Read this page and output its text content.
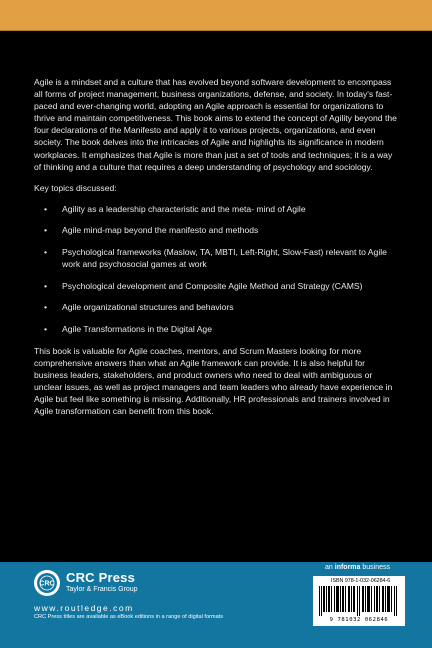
Agile is a mindset and a culture that has evolved beyond software development to encompass all forms of project management, business organizations, defense, and society. In today's fast-paced and ever-changing world, adopting an Agile approach is essential for organizations to thrive and maintain competitiveness. This book aims to extend the concept of Agility beyond the four declarations of the Manifesto and apply it to various projects, organizations, and even society. The book delves into the intricacies of Agile and highlights its significance in modern workplaces. It emphasizes that Agile is more than just a set of tools and techniques; it is a way of thinking and a culture that requires a deep understanding of psychology and sociology.

Key topics discussed:

• Agility as a leadership characteristic and the meta- mind of Agile
• Agile mind-map beyond the manifesto and methods
• Psychological frameworks (Maslow, TA, MBTI, Left-Right, Slow-Fast) relevant to Agile work and psychosocial games at work
• Psychological development and Composite Agile Method and Strategy (CAMS)
• Agile organizational structures and behaviors
• Agile Transformations in the Digital Age

This book is valuable for Agile coaches, mentors, and Scrum Masters looking for more comprehensive answers than what an Agile framework can provide. It is also helpful for business leaders, stakeholders, and product owners who need to deal with ambiguous or unclear issues, as well as project managers and team leaders who already have experience in Agile but feel like something is missing. Additionally, HR professionals and trainers involved in Agile transformation can benefit from this book.

CRC CRC Press
Taylor & Francis Group
www.routledge.com
CRC Press titles are available as eBook editions in a range of digital formats
an informa business
ISBN 978-1-032-06284-6
9 781032 062846
